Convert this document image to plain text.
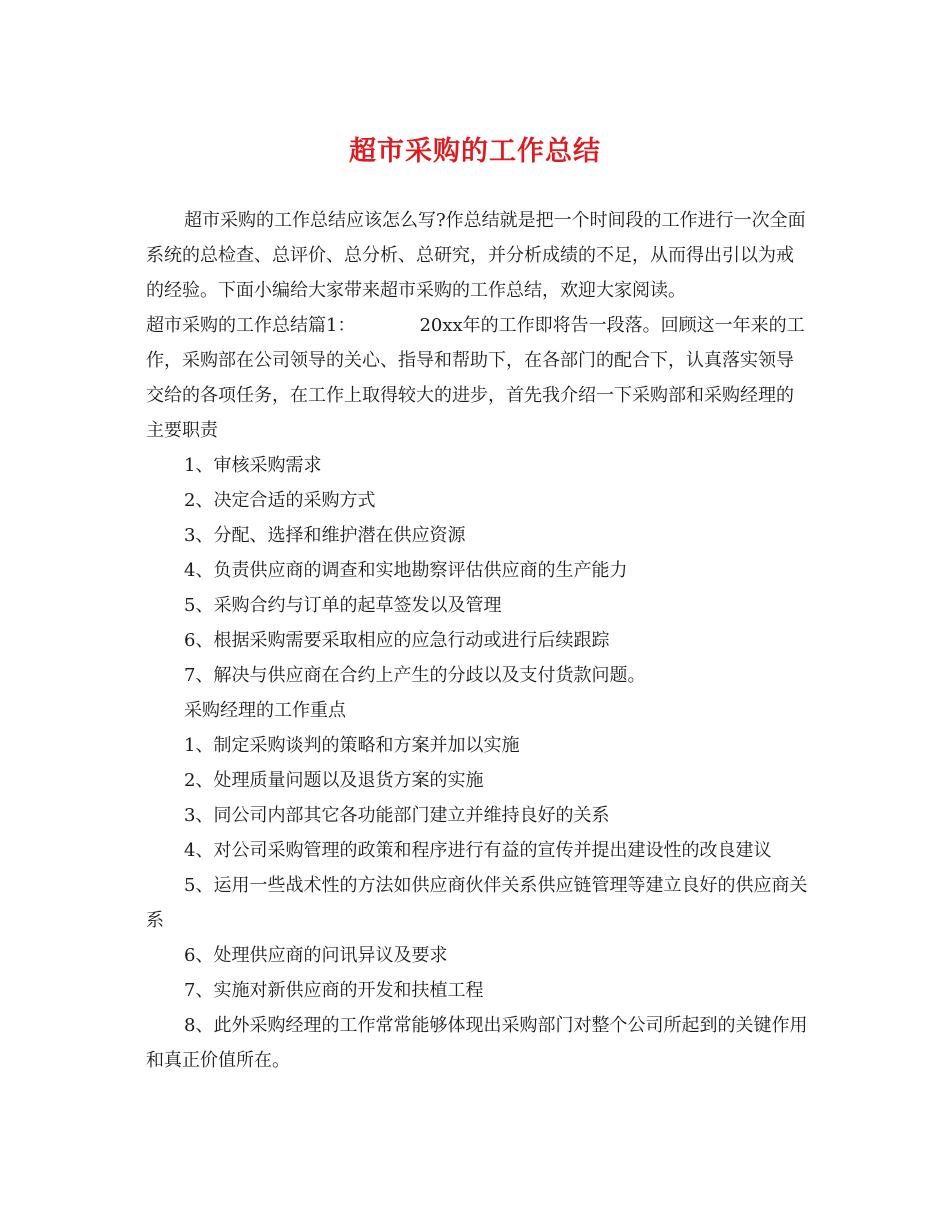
超市采购的工作总结

超市采购的工作总结应该怎么写?作总结就是把一个时间段的工作进行一次全面系统的总检查、总评价、总分析、总研究，并分析成绩的不足，从而得出引以为戒的经验。下面小编给大家带来超市采购的工作总结，欢迎大家阅读。

超市采购的工作总结篇1：	20xx年的工作即将告一段落。回顾这一年来的工作，采购部在公司领导的关心、指导和帮助下，在各部门的配合下，认真落实领导交给的各项任务，在工作上取得较大的进步，首先我介绍一下采购部和采购经理的主要职责

1、审核采购需求

2、决定合适的采购方式

3、分配、选择和维护潜在供应资源

4、负责供应商的调查和实地勘察评估供应商的生产能力

5、采购合约与订单的起草签发以及管理

6、根据采购需要采取相应的应急行动或进行后续跟踪

7、解决与供应商在合约上产生的分歧以及支付货款问题。

采购经理的工作重点

1、制定采购谈判的策略和方案并加以实施

2、处理质量问题以及退货方案的实施

3、同公司内部其它各功能部门建立并维持良好的关系

4、对公司采购管理的政策和程序进行有益的宣传并提出建设性的改良建议

5、运用一些战术性的方法如供应商伙伴关系供应链管理等建立良好的供应商关系

6、处理供应商的问讯异议及要求

7、实施对新供应商的开发和扶植工程

8、此外采购经理的工作常常能够体现出采购部门对整个公司所起到的关键作用和真正价值所在。
